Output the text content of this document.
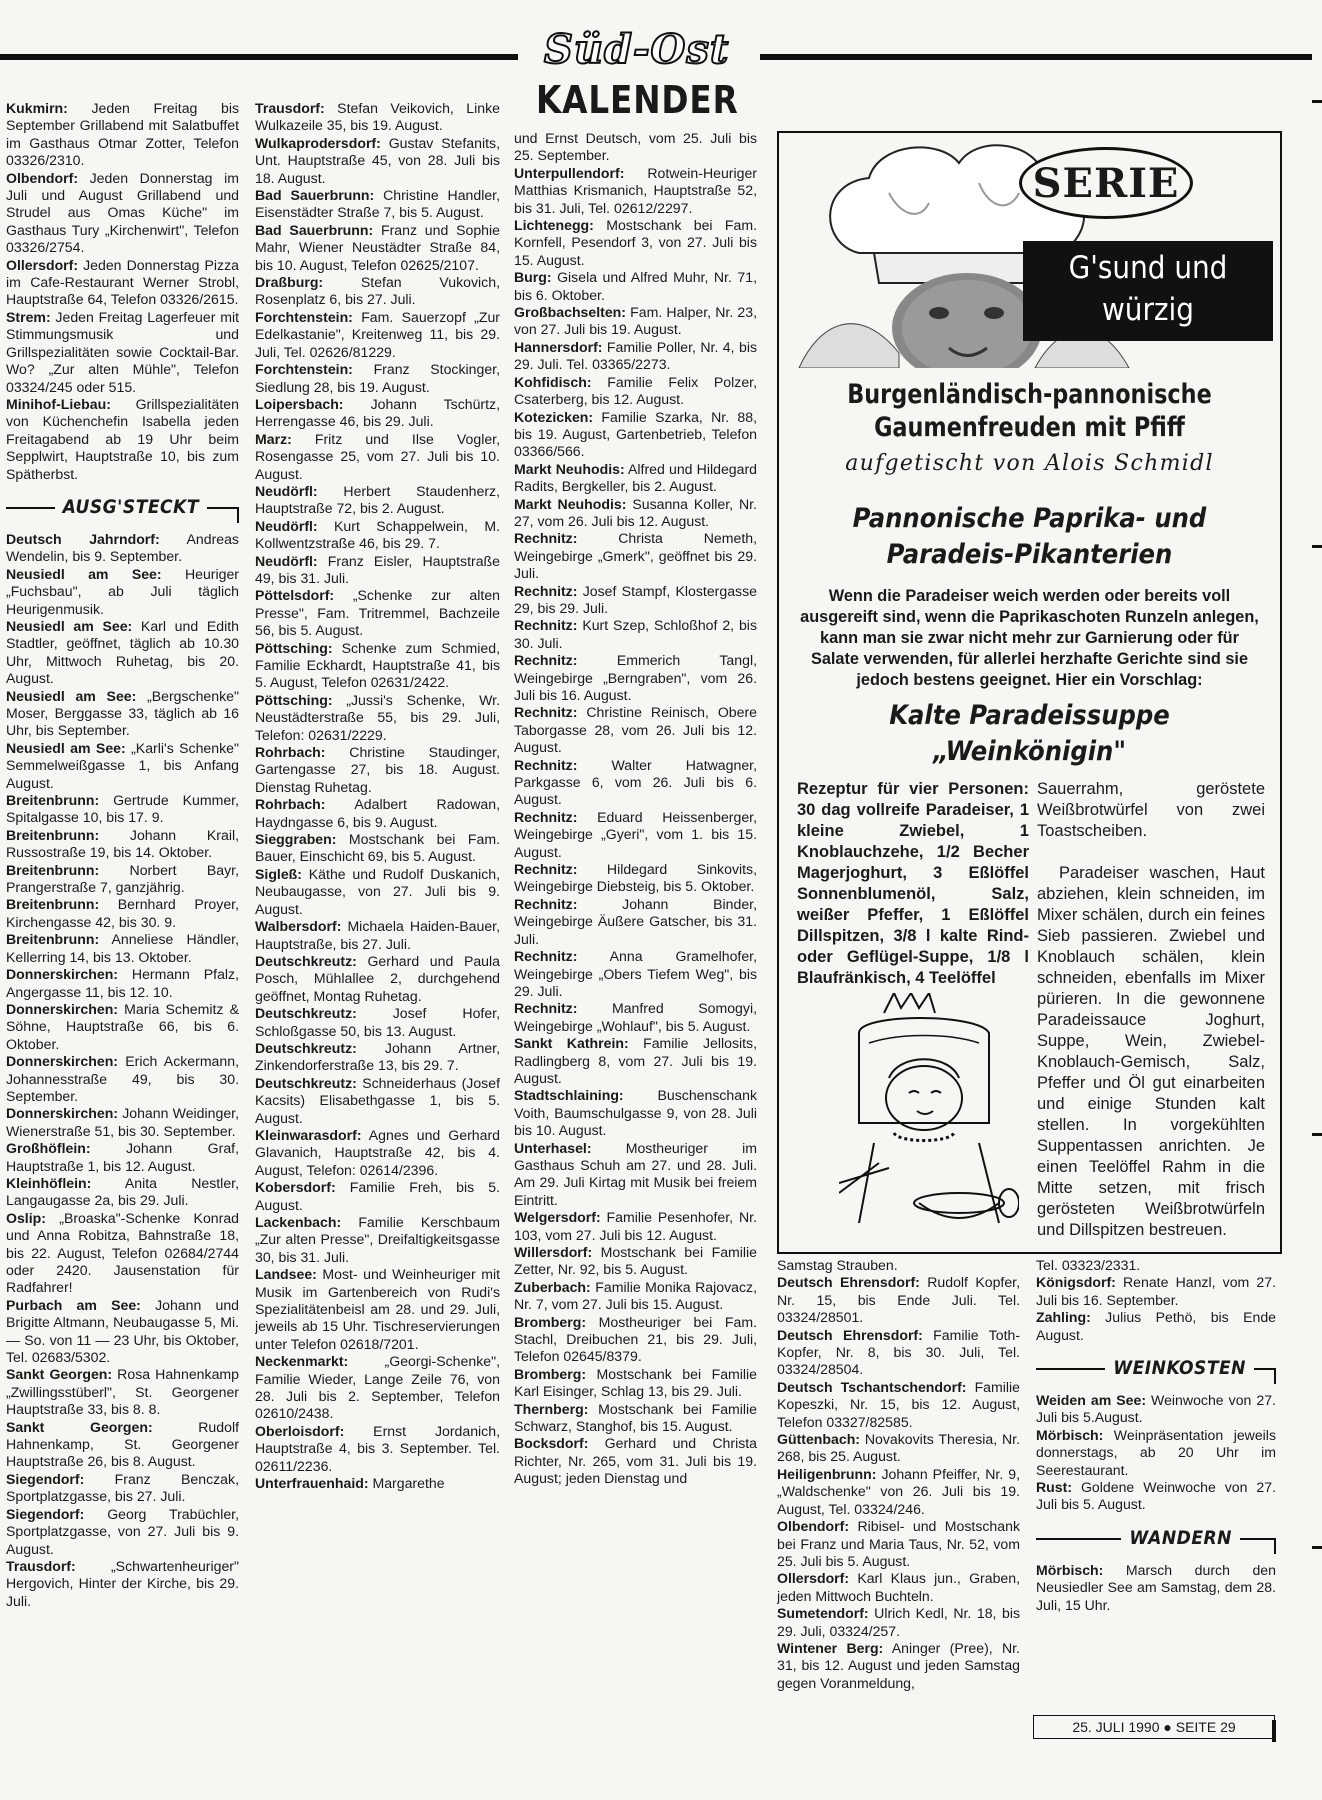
Süd-Ost
KALENDER

Kukmirn: Jeden Freitag bis September Grillabend mit Salatbuffet im Gasthaus Otmar Zotter, Telefon 03326/2310.

Olbendorf: Jeden Donnerstag im Juli und August Grillabend und Strudel aus Omas Küche" im Gasthaus Tury „Kirchenwirt", Telefon 03326/2754.

Ollersdorf: Jeden Donnerstag Pizza im Cafe-Restaurant Werner Strobl, Hauptstraße 64, Telefon 03326/2615.

Strem: Jeden Freitag Lagerfeuer mit Stimmungsmusik und Grillspezialitäten sowie Cocktail-Bar. Wo? „Zur alten Mühle", Telefon 03324/245 oder 515.

Minihof-Liebau: Grillspezialitäten von Küchenchefin Isabella jeden Freitagabend ab 19 Uhr beim Sepplwirt, Hauptstraße 10, bis zum Spätherbst.

AUSG'STECKT

Deutsch Jahrndorf: Andreas Wendelin, bis 9. September.

Neusiedl am See: Heuriger „Fuchsbau", ab Juli täglich Heurigenmusik.

Neusiedl am See: Karl und Edith Stadtler, geöffnet, täglich ab 10.30 Uhr, Mittwoch Ruhetag, bis 20. August.

Neusiedl am See: „Bergschenke" Moser, Berggasse 33, täglich ab 16 Uhr, bis September.

Neusiedl am See: „Karli's Schenke" Semmelweißgasse 1, bis Anfang August.

Breitenbrunn: Gertrude Kummer, Spitalgasse 10, bis 17. 9.

Breitenbrunn: Johann Krail, Russostraße 19, bis 14. Oktober.

Breitenbrunn: Norbert Bayr, Prangerstraße 7, ganzjährig.

Breitenbrunn: Bernhard Proyer, Kirchengasse 42, bis 30. 9.

Breitenbrunn: Anneliese Händler, Kellerring 14, bis 13. Oktober.

Donnerskirchen: Hermann Pfalz, Angergasse 11, bis 12. 10.

Donnerskirchen: Maria Schemitz & Söhne, Hauptstraße 66, bis 6. Oktober.

Donnerskirchen: Erich Ackermann, Johannesstraße 49, bis 30. September.

Donnerskirchen: Johann Weidinger, Wienerstraße 51, bis 30. September.

Großhöflein: Johann Graf, Hauptstraße 1, bis 12. August.

Kleinhöflein: Anita Nestler, Langaugasse 2a, bis 29. Juli.

Oslip: „Broaska"-Schenke Konrad und Anna Robitza, Bahnstraße 18, bis 22. August, Telefon 02684/2744 oder 2420. Jausenstation für Radfahrer!

Purbach am See: Johann und Brigitte Altmann, Neubaugasse 5, Mi. — So. von 11 — 23 Uhr, bis Oktober, Tel. 02683/5302.

Sankt Georgen: Rosa Hahnenkamp „Zwillingsstüberl", St. Georgener Hauptstraße 33, bis 8. 8.

Sankt Georgen: Rudolf Hahnenkamp, St. Georgener Hauptstraße 26, bis 8. August.

Siegendorf: Franz Benczak, Sportplatzgasse, bis 27. Juli.

Siegendorf: Georg Trabüchler, Sportplatzgasse, von 27. Juli bis 9. August.

Trausdorf: „Schwartenheuriger" Hergovich, Hinter der Kirche, bis 29. Juli.

Trausdorf: Stefan Veikovich, Linke Wulkazeile 35, bis 19. August.

Wulkaprodersdorf: Gustav Stefanits, Unt. Hauptstraße 45, von 28. Juli bis 18. August.

Bad Sauerbrunn: Christine Handler, Eisenstädter Straße 7, bis 5. August.

Bad Sauerbrunn: Franz und Sophie Mahr, Wiener Neustädter Straße 84, bis 10. August, Telefon 02625/2107.

Draßburg: Stefan Vukovich, Rosenplatz 6, bis 27. Juli.

Forchtenstein: Fam. Sauerzopf „Zur Edelkastanie", Kreitenweg 11, bis 29. Juli, Tel. 02626/81229.

Forchtenstein: Franz Stockinger, Siedlung 28, bis 19. August.

Loipersbach: Johann Tschürtz, Herrengasse 46, bis 29. Juli.

Marz: Fritz und Ilse Vogler, Rosengasse 25, vom 27. Juli bis 10. August.

Neudörfl: Herbert Staudenherz, Hauptstraße 72, bis 2. August.

Neudörfl: Kurt Schappelwein, M. Kollwentzstraße 46, bis 29. 7.

Neudörfl: Franz Eisler, Hauptstraße 49, bis 31. Juli.

Pöttelsdorf: „Schenke zur alten Presse", Fam. Tritremmel, Bachzeile 56, bis 5. August.

Pöttsching: Schenke zum Schmied, Familie Eckhardt, Hauptstraße 41, bis 5. August, Telefon 02631/2422.

Pöttsching: „Jussi's Schenke, Wr. Neustädterstraße 55, bis 29. Juli, Telefon: 02631/2229.

Rohrbach: Christine Staudinger, Gartengasse 27, bis 18. August. Dienstag Ruhetag.

Rohrbach: Adalbert Radowan, Haydngasse 6, bis 9. August.

Sieggraben: Mostschank bei Fam. Bauer, Einschicht 69, bis 5. August.

Sigleß: Käthe und Rudolf Duskanich, Neubaugasse, von 27. Juli bis 9. August.

Walbersdorf: Michaela Haiden-Bauer, Hauptstraße, bis 27. Juli.

Deutschkreutz: Gerhard und Paula Posch, Mühlallee 2, durchgehend geöffnet, Montag Ruhetag.

Deutschkreutz: Josef Hofer, Schloßgasse 50, bis 13. August.

Deutschkreutz: Johann Artner, Zinkendorferstraße 13, bis 29. 7.

Deutschkreutz: Schneiderhaus (Josef Kacsits) Elisabethgasse 1, bis 5. August.

Kleinwarasdorf: Agnes und Gerhard Glavanich, Hauptstraße 42, bis 4. August, Telefon: 02614/2396.

Kobersdorf: Familie Freh, bis 5. August.

Lackenbach: Familie Kerschbaum „Zur alten Presse", Dreifaltigkeitsgasse 30, bis 31. Juli.

Landsee: Most- und Weinheuriger mit Musik im Gartenbereich von Rudi's Spezialitätenbeisl am 28. und 29. Juli, jeweils ab 15 Uhr. Tischreservierungen unter Telefon 02618/7201.

Neckenmarkt: „Georgi-Schenke", Familie Wieder, Lange Zeile 76, von 28. Juli bis 2. September, Telefon 02610/2438.

Oberloisdorf: Ernst Jordanich, Hauptstraße 4, bis 3. September. Tel. 02611/2236.

Unterfrauenhaid: Margarethe

und Ernst Deutsch, vom 25. Juli bis 25. September.

Unterpullendorf: Rotwein-Heuriger Matthias Krismanich, Hauptstraße 52, bis 31. Juli, Tel. 02612/2297.

Lichtenegg: Mostschank bei Fam. Kornfell, Pesendorf 3, von 27. Juli bis 15. August.

Burg: Gisela und Alfred Muhr, Nr. 71, bis 6. Oktober.

Großbachselten: Fam. Halper, Nr. 23, von 27. Juli bis 19. August.

Hannersdorf: Familie Poller, Nr. 4, bis 29. Juli. Tel. 03365/2273.

Kohfidisch: Familie Felix Polzer, Csaterberg, bis 12. August.

Kotezicken: Familie Szarka, Nr. 88, bis 19. August, Gartenbetrieb, Telefon 03366/566.

Markt Neuhodis: Alfred und Hildegard Radits, Bergkeller, bis 2. August.

Markt Neuhodis: Susanna Koller, Nr. 27, vom 26. Juli bis 12. August.

Rechnitz: Christa Nemeth, Weingebirge „Gmerk", geöffnet bis 29. Juli.

Rechnitz: Josef Stampf, Klostergasse 29, bis 29. Juli.

Rechnitz: Kurt Szep, Schloßhof 2, bis 30. Juli.

Rechnitz: Emmerich Tangl, Weingebirge „Berngraben", vom 26. Juli bis 16. August.

Rechnitz: Christine Reinisch, Obere Taborgasse 28, vom 26. Juli bis 12. August.

Rechnitz: Walter Hatwagner, Parkgasse 6, vom 26. Juli bis 6. August.

Rechnitz: Eduard Heissenberger, Weingebirge „Gyeri", vom 1. bis 15. August.

Rechnitz: Hildegard Sinkovits, Weingebirge Diebsteig, bis 5. Oktober.

Rechnitz: Johann Binder, Weingebirge Äußere Gatscher, bis 31. Juli.

Rechnitz: Anna Gramelhofer, Weingebirge „Obers Tiefem Weg", bis 29. Juli.

Rechnitz: Manfred Somogyi, Weingebirge „Wohlauf", bis 5. August.

Sankt Kathrein: Familie Jellosits, Radlingberg 8, vom 27. Juli bis 19. August.

Stadtschlaining: Buschenschank Voith, Baumschulgasse 9, von 28. Juli bis 10. August.

Unterhasel: Mostheuriger im Gasthaus Schuh am 27. und 28. Juli. Am 29. Juli Kirtag mit Musik bei freiem Eintritt.

Welgersdorf: Familie Pesenhofer, Nr. 103, vom 27. Juli bis 12. August.

Willersdorf: Mostschank bei Familie Zetter, Nr. 92, bis 5. August.

Zuberbach: Familie Monika Rajovacz, Nr. 7, vom 27. Juli bis 15. August.

Bromberg: Mostheuriger bei Fam. Stachl, Dreibuchen 21, bis 29. Juli, Telefon 02645/8379.

Bromberg: Mostschank bei Familie Karl Eisinger, Schlag 13, bis 29. Juli.

Thernberg: Mostschank bei Familie Schwarz, Stanghof, bis 15. August.

Bocksdorf: Gerhard und Christa Richter, Nr. 265, vom 31. Juli bis 19. August; jeden Dienstag und

SERIE
G'sund und würzig
Burgenländisch-pannonische Gaumenfreuden mit Pfiff
aufgetischt von Alois Schmidl
Pannonische Paprika- und Paradeis-Pikanterien
Wenn die Paradeiser weich werden oder bereits voll ausgereift sind, wenn die Paprikaschoten Runzeln anlegen, kann man sie zwar nicht mehr zur Garnierung oder für Salate verwenden, für allerlei herzhafte Gerichte sind sie jedoch bestens geeignet. Hier ein Vorschlag:
Kalte Paradeissuppe „Weinkönigin"
Rezeptur für vier Personen: 30 dag vollreife Paradeiser, 1 kleine Zwiebel, 1 Knoblauchzehe, 1/2 Becher Magerjoghurt, 3 Eßlöffel Sonnenblumenöl, Salz, weißer Pfeffer, 1 Eßlöffel Dillspitzen, 3/8 l kalte Rind- oder Geflügel-Suppe, 1/8 l Blaufränkisch, 4 Teelöffel

Sauerrahm, geröstete Weißbrotwürfel von zwei Toastscheiben.

Paradeiser waschen, Haut abziehen, klein schneiden, im Mixer schälen, durch ein feines Sieb passieren. Zwiebel und Knoblauch schälen, klein schneiden, ebenfalls im Mixer pürieren. In die gewonnene Paradeissauce Joghurt, Suppe, Wein, Zwiebel-Knoblauch-Gemisch, Salz, Pfeffer und Öl gut einarbeiten und einige Stunden kalt stellen. In vorgekühlten Suppentassen anrichten. Je einen Teelöffel Rahm in die Mitte setzen, mit frisch gerösteten Weißbrotwürfeln und Dillspitzen bestreuen.

Samstag Strauben.

Deutsch Ehrensdorf: Rudolf Kopfer, Nr. 15, bis Ende Juli. Tel. 03324/28501.

Deutsch Ehrensdorf: Familie Toth-Kopfer, Nr. 8, bis 30. Juli, Tel. 03324/28504.

Deutsch Tschantschendorf: Familie Kopeszki, Nr. 15, bis 12. August, Telefon 03327/82585.

Güttenbach: Novakovits Theresia, Nr. 268, bis 25. August.

Heiligenbrunn: Johann Pfeiffer, Nr. 9, „Waldschenke" von 26. Juli bis 19. August, Tel. 03324/246.

Olbendorf: Ribisel- und Mostschank bei Franz und Maria Taus, Nr. 52, vom 25. Juli bis 5. August.

Ollersdorf: Karl Klaus jun., Graben, jeden Mittwoch Buchteln.

Sumetendorf: Ulrich Kedl, Nr. 18, bis 29. Juli, 03324/257.

Wintener Berg: Aninger (Pree), Nr. 31, bis 12. August und jeden Samstag gegen Voranmeldung,

Tel. 03323/2331.

Königsdorf: Renate Hanzl, vom 27. Juli bis 16. September.

Zahling: Julius Pethö, bis Ende August.

WEINKOSTEN

Weiden am See: Weinwoche von 27. Juli bis 5.August.

Mörbisch: Weinpräsentation jeweils donnerstags, ab 20 Uhr im Seerestaurant.

Rust: Goldene Weinwoche von 27. Juli bis 5. August.

WANDERN

Mörbisch: Marsch durch den Neusiedler See am Samstag, dem 28. Juli, 15 Uhr.

25. JULI 1990 ● SEITE 29
